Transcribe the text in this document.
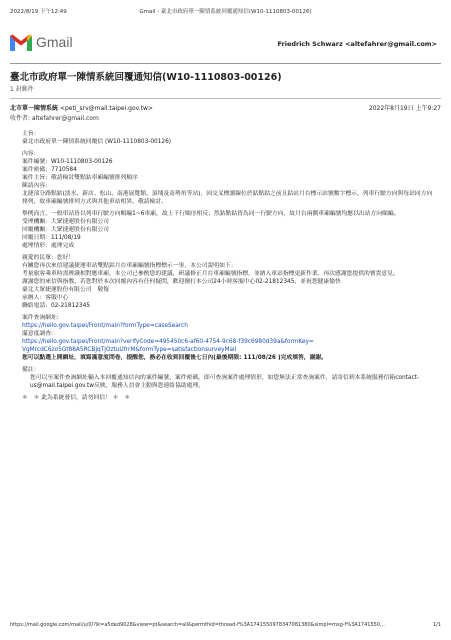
2022/8/19 下午12:49	Gmail - 臺北市政府單一陳情系統回覆通知信(W10-1110803-00126)
Gmail	Friedrich Schwarz <altefahrer@gmail.com>
臺北市政府單一陳情系統回覆通知信(W10-1110803-00126)
1 封郵件
北市單一陳情系統 <peti_srv@mail.taipei.gov.tw>	2022年8月19日 上午9:27
收件者: altefahrer@gmail.com

主旨：
臺北市政府單一陳情系統回覆信 (W10-1110803-00126)

內容：
案件編號：W10-1110803-00126
案件密碼：7710584
案件主旨：敬請檢討雙點鈷車廂編號排列順序
陳請內容：
北捷部分路點鈷(淡水、新店、松山、南港展覽館、頂埔及南勢角等站)，因交叉標讀線位於鈷點鈷之前且鈷站月台標示站號數字標示，列車行駛方向與每站同方向排列，故車廂編號排列方式與其他車站相異，敬請檢討。

舉例而言，一般車站皆以列車行駛方向順編1~6車廂，故上下行順序相反；然鈷點鈷皆為同一行駛方向，故月台兩側車廂編號均應以出站方向順編。
受理機關：大眾捷運股份有限公司
回覆機關：大眾捷運股份有限公司
回覆日期：111/08/19
處理情形：處理完成

親愛的民眾：您好！
有關您再次來信建議捷運車站雙點鈷月台車廂編號指標標示一事，本公司說明如下：
考量旅客乘車時需辨識相對應車廂，本公司已參酌您的建議，研議修正月台車廂編號指標，並納入車站指標更新作業，再次感謝您提供的寶貴意見。
謝謝您的來信與指教，若您對於本次回覆內容有任何疑問，歡迎撥打本公司24小時客服中心02-21812345，並祝您健康愉快
臺北大眾捷運股份有限公司　敬復
承辦人：客服中心
聯絡電話：02-21812345

案件查詢網址:
https://hello.gov.taipei/Front/main?formType=caseSearch
滿意度調查:
https://hello.gov.taipei/Front/main?verifyCode=495450c6-af60-4754-9c68-f39c6980d39a&formKey=
VgMrcdC6zo5Gt88A5RCBJqTjOztuUfrrM&formType=satisfactionsurveyMail
您可以點選上開網址，填寫滿意度問卷，提醒您，務必在收到回覆後七日內(最後期限: 111/08/26 )完成填答，謝謝。

備註：
您可以至案件查詢網址輸入本回覆通知信內的案件編號、案件密碼，即可查詢案件處理情形，如您無法正常查詢案件，請寄信到本系統服務信箱contact-us@mail.taipei.gov.tw反映，服務人員會主動與您連絡協助處理。

＊　＊ 此為系統發信，請勿回信！ ＊　＊

https://mail.google.com/mail/u/0/?ik=a5ded9028&view=pt&search=all&permthid=thread-f%3A1741550978347081380&simpl=msg-f%3A1741550…	1/1
